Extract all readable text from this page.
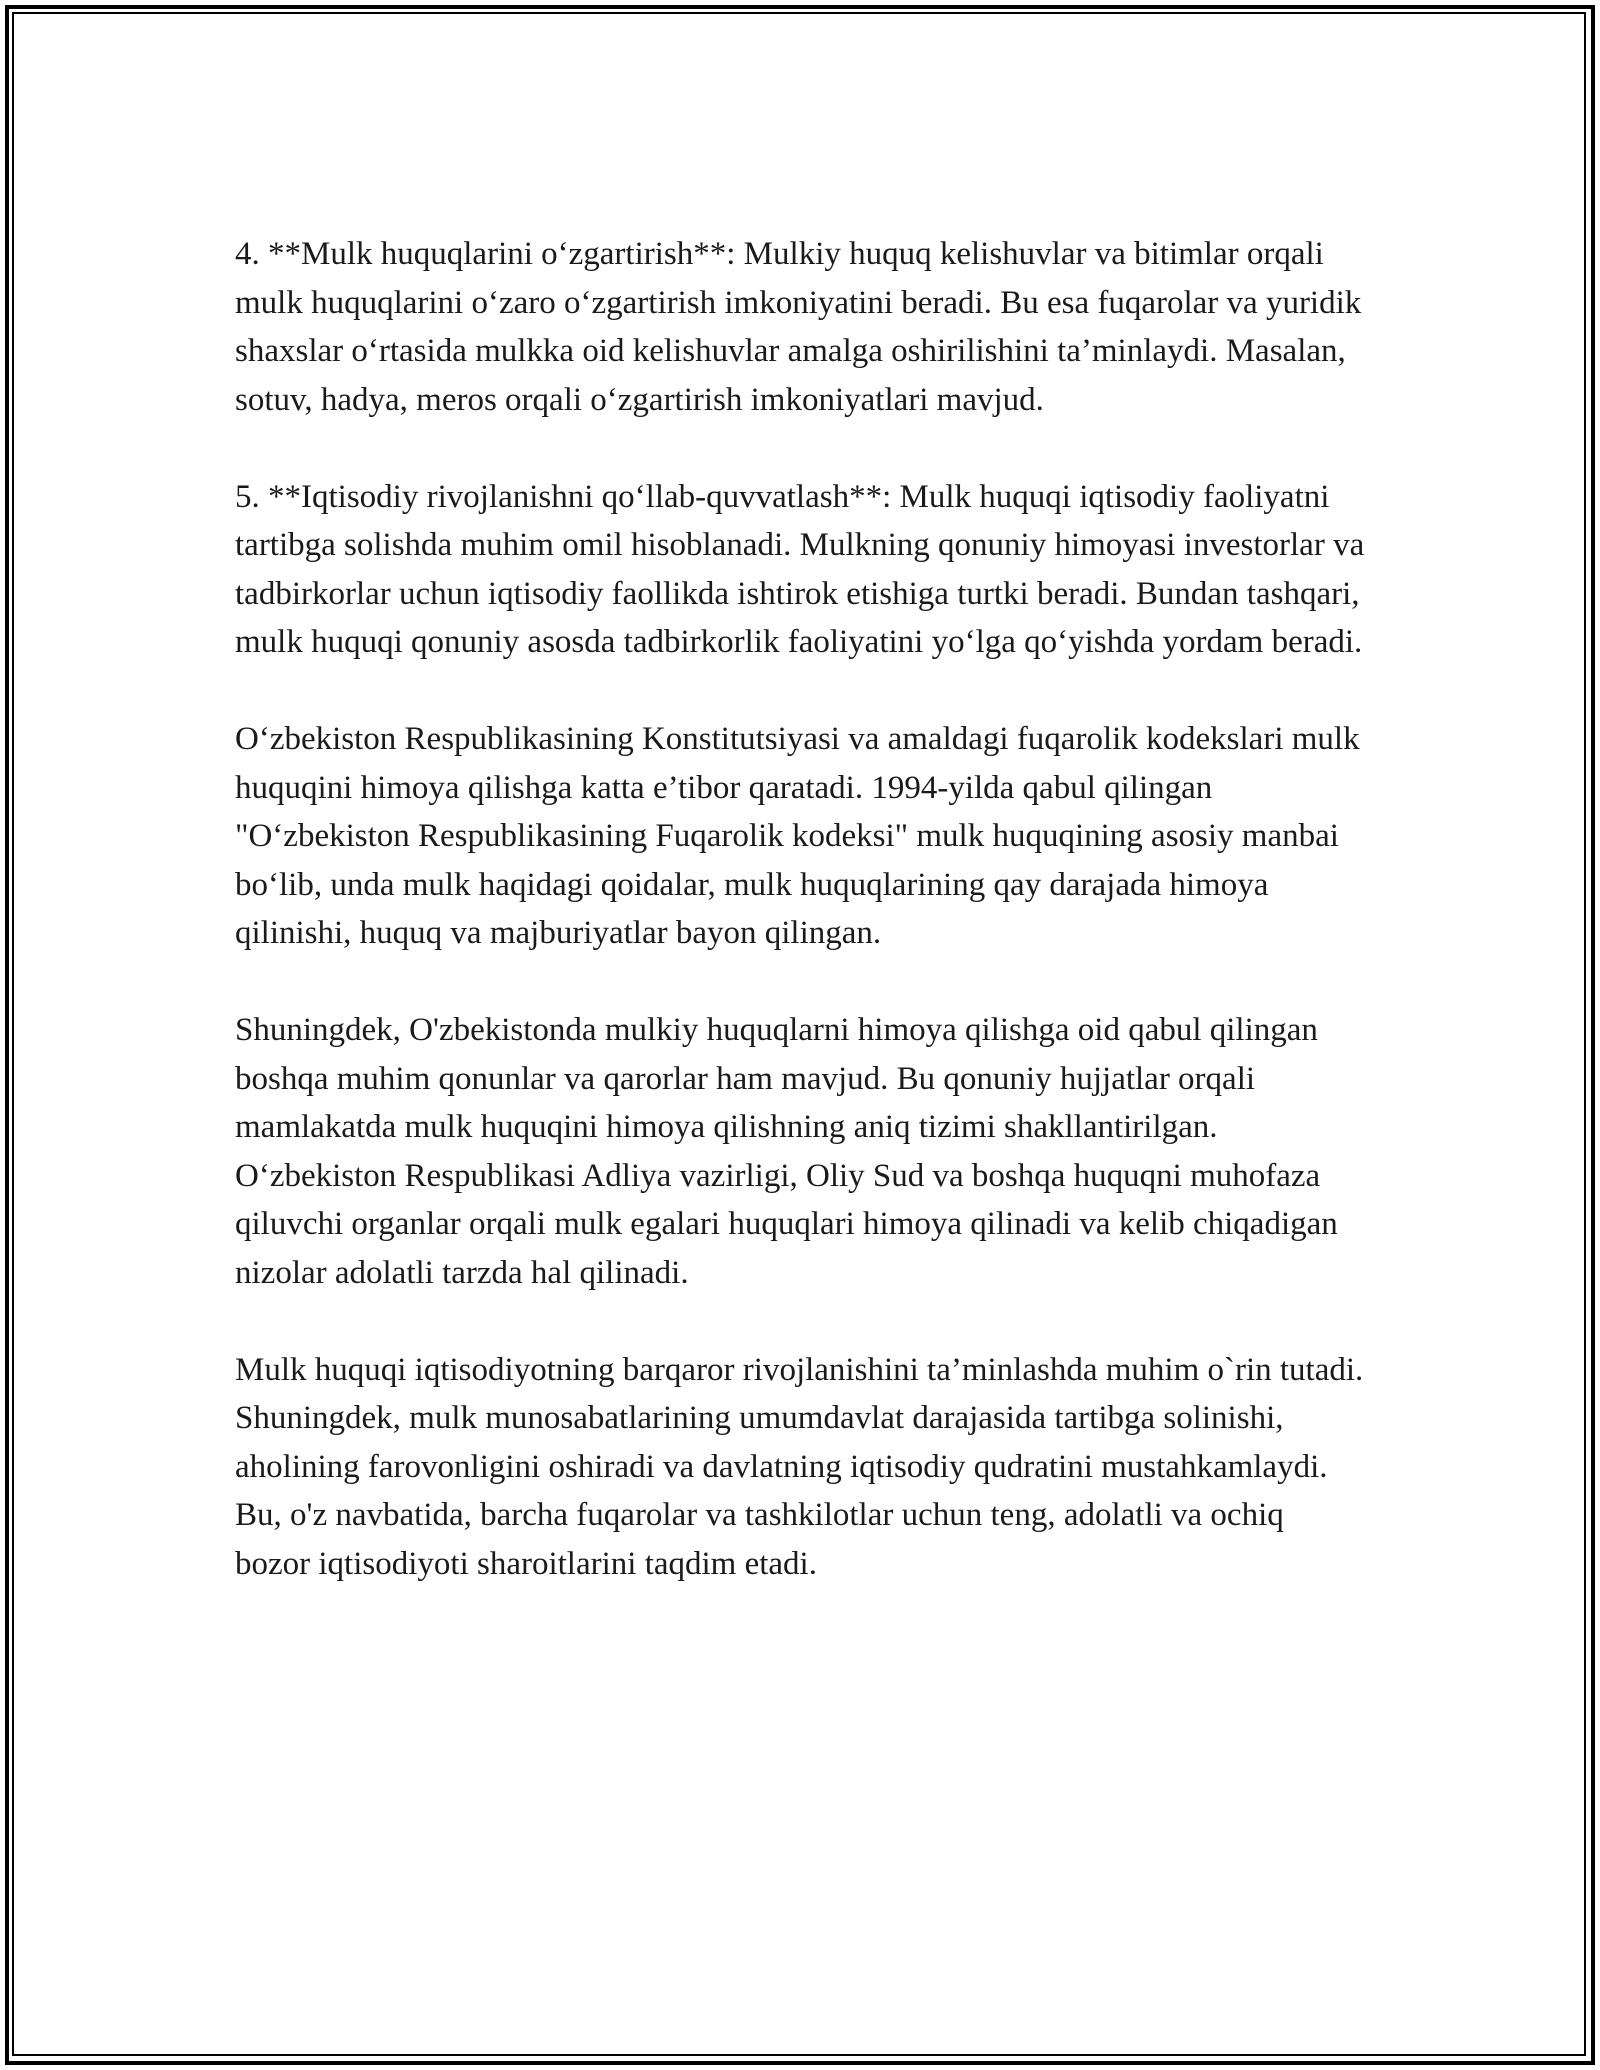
4. **Mulk huquqlarini o‘zgartirish**: Mulkiy huquq kelishuvlar va bitimlar orqali mulk huquqlarini o‘zaro o‘zgartirish imkoniyatini beradi. Bu esa fuqarolar va yuridik shaxslar o‘rtasida mulkka oid kelishuvlar amalga oshirilishini ta’minlaydi. Masalan, sotuv, hadya, meros orqali o‘zgartirish imkoniyatlari mavjud.

5. **Iqtisodiy rivojlanishni qo‘llab-quvvatlash**: Mulk huquqi iqtisodiy faoliyatni tartibga solishda muhim omil hisoblanadi. Mulkning qonuniy himoyasi investorlar va tadbirkorlar uchun iqtisodiy faollikda ishtirok etishiga turtki beradi. Bundan tashqari, mulk huquqi qonuniy asosda tadbirkorlik faoliyatini yo‘lga qo‘yishda yordam beradi.

O‘zbekiston Respublikasining Konstitutsiyasi va amaldagi fuqarolik kodekslari mulk huquqini himoya qilishga katta e’tibor qaratadi. 1994-yilda qabul qilingan "O‘zbekiston Respublikasining Fuqarolik kodeksi" mulk huquqining asosiy manbai bo‘lib, unda mulk haqidagi qoidalar, mulk huquqlarining qay darajada himoya qilinishi, huquq va majburiyatlar bayon qilingan.

Shuningdek, O'zbekistonda mulkiy huquqlarni himoya qilishga oid qabul qilingan boshqa muhim qonunlar va qarorlar ham mavjud. Bu qonuniy hujjatlar orqali mamlakatda mulk huquqini himoya qilishning aniq tizimi shakllantirilgan. O‘zbekiston Respublikasi Adliya vazirligi, Oliy Sud va boshqa huquqni muhofaza qiluvchi organlar orqali mulk egalari huquqlari himoya qilinadi va kelib chiqadigan nizolar adolatli tarzda hal qilinadi.

Mulk huquqi iqtisodiyotning barqaror rivojlanishini ta’minlashda muhim o`rin tutadi. Shuningdek, mulk munosabatlarining umumdavlat darajasida tartibga solinishi, aholining farovonligini oshiradi va davlatning iqtisodiy qudratini mustahkamlaydi. Bu, o'z navbatida, barcha fuqarolar va tashkilotlar uchun teng, adolatli va ochiq bozor iqtisodiyoti sharoitlarini taqdim etadi.
